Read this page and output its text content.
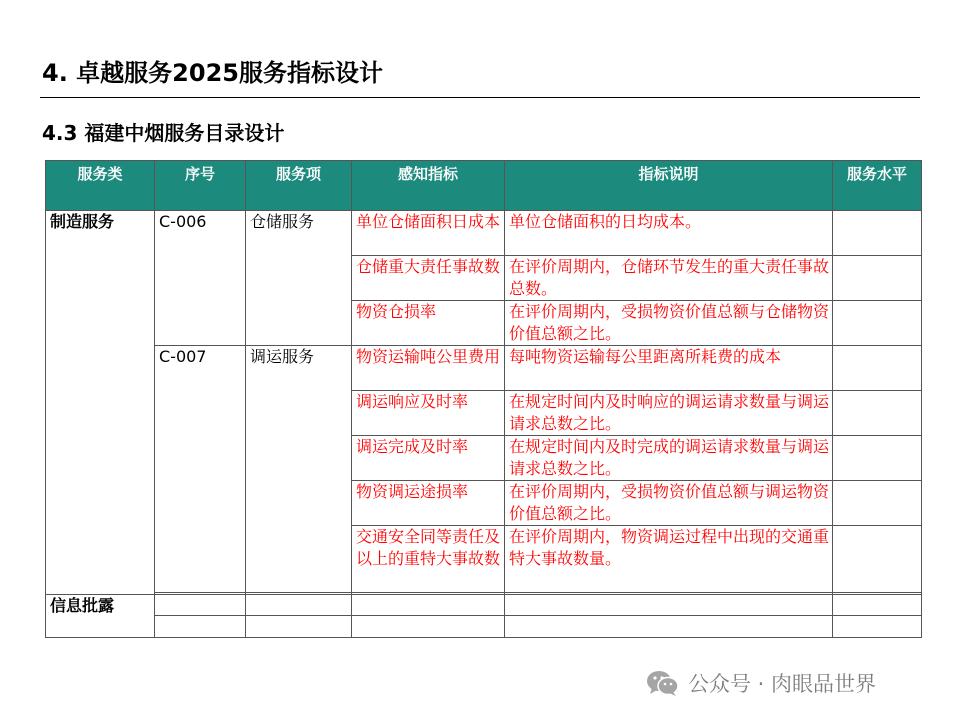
4. 卓越服务2025服务指标设计
4.3 福建中烟服务目录设计
服务类	序号	服务项	感知指标	指标说明	服务水平
制造服务	C-006	仓储服务	单位仓储面积日成本	单位仓储面积的日均成本。	
			仓储重大责任事故数	在评价周期内，仓储环节发生的重大责任事故总数。	
			物资仓损率	在评价周期内，受损物资价值总额与仓储物资价值总额之比。	
	C-007	调运服务	物资运输吨公里费用	每吨物资运输每公里距离所耗费的成本	
			调运响应及时率	在规定时间内及时响应的调运请求数量与调运请求总数之比。	
			调运完成及时率	在规定时间内及时完成的调运请求数量与调运请求总数之比。	
			物资调运途损率	在评价周期内，受损物资价值总额与调运物资价值总额之比。	
			交通安全同等责任及以上的重特大事故数	在评价周期内，物资调运过程中出现的交通重特大事故数量。	

信息批露					

公众号 · 肉眼品世界
